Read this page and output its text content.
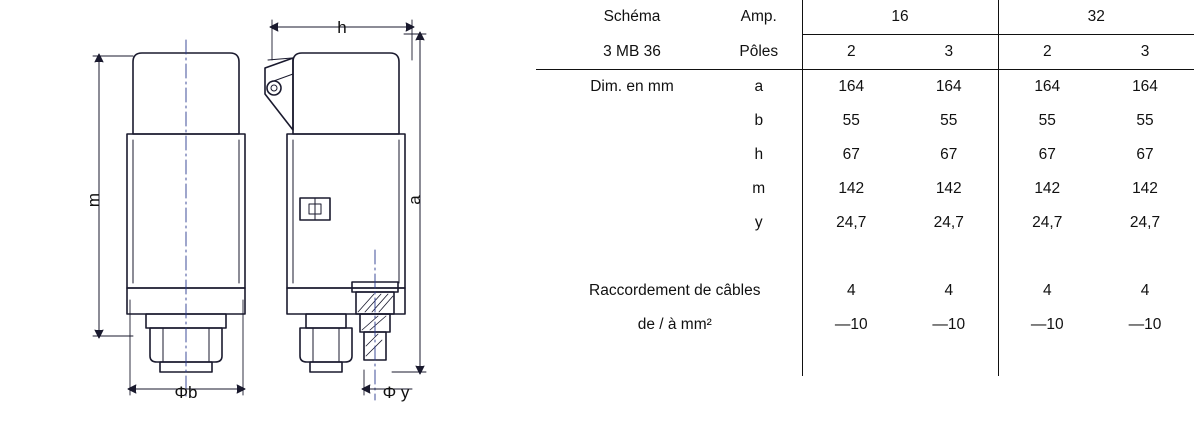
m
Φb
h
a
Φ y
Schéma	Amp.	16		32	
3 MB 36	Pôles	2	3	2	3
Dim. en mm	a	164	164	164	164
	b	55	55	55	55
	h	67	67	67	67
	m	142	142	142	142
	y	24,7	24,7	24,7	24,7

Raccordement de câbles		4	4	4	4
de / à mm²		—10	—10	—10	—10
